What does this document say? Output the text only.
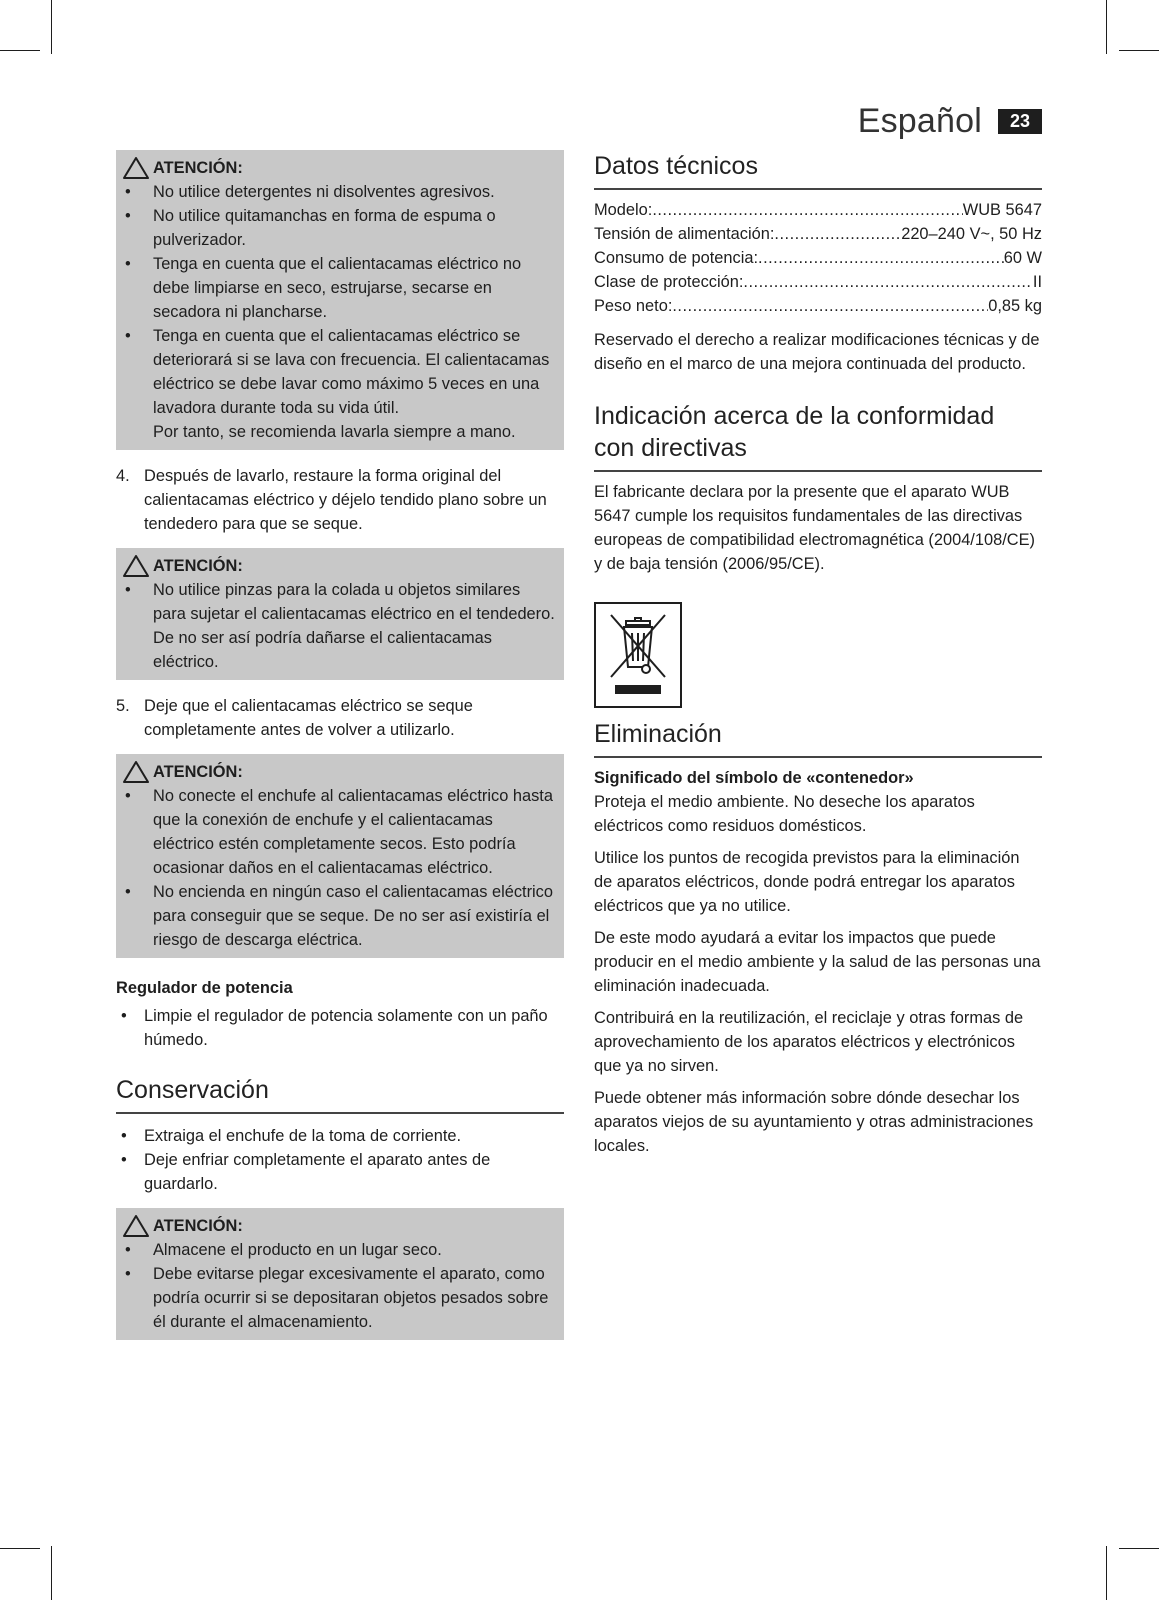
Español	23
ATENCIÓN:
• No utilice detergentes ni disolventes agresivos.
• No utilice quitamanchas en forma de espuma o pulverizador.
• Tenga en cuenta que el calientacamas eléctrico no debe limpiarse en seco, estrujarse, secarse en secadora ni plancharse.
• Tenga en cuenta que el calientacamas eléctrico se deteriorará si se lava con frecuencia. El calientacamas eléctrico se debe lavar como máximo 5 veces en una lavadora durante toda su vida útil.
Por tanto, se recomienda lavarla siempre a mano.
4. Después de lavarlo, restaure la forma original del calientacamas eléctrico y déjelo tendido plano sobre un tendedero para que se seque.
ATENCIÓN:
• No utilice pinzas para la colada u objetos similares para sujetar el calientacamas eléctrico en el tendedero. De no ser así podría dañarse el calientacamas eléctrico.
5. Deje que el calientacamas eléctrico se seque completamente antes de volver a utilizarlo.
ATENCIÓN:
• No conecte el enchufe al calientacamas eléctrico hasta que la conexión de enchufe y el calientacamas eléctrico estén completamente secos. Esto podría ocasionar daños en el calientacamas eléctrico.
• No encienda en ningún caso el calientacamas eléctrico para conseguir que se seque. De no ser así existiría el riesgo de descarga eléctrica.

Regulador de potencia

• Limpie el regulador de potencia solamente con un paño húmedo.
Conservación
• Extraiga el enchufe de la toma de corriente.
• Deje enfriar completamente el aparato antes de guardarlo.
ATENCIÓN:
• Almacene el producto en un lugar seco.
• Debe evitarse plegar excesivamente el aparato, como podría ocurrir si se depositaran objetos pesados sobre él durante el almacenamiento.
Datos técnicos
Modelo: .....	WUB 5647
Tensión de alimentación: .....	220–240 V~, 50 Hz
Consumo de potencia: .....	60 W
Clase de protección: .....	II
Peso neto: .....	0,85 kg

Reservado el derecho a realizar modificaciones técnicas y de diseño en el marco de una mejora continuada del producto.

Indicación acerca de la conformidad
con directivas

El fabricante declara por la presente que el aparato WUB 5647 cumple los requisitos fundamentales de las directivas europeas de compatibilidad electromagnética (2004/108/CE) y de baja tensión (2006/95/CE).

Eliminación

Significado del símbolo de «contenedor»

Proteja el medio ambiente. No deseche los aparatos eléctricos como residuos domésticos.

Utilice los puntos de recogida previstos para la eliminación de aparatos eléctricos, donde podrá entregar los aparatos eléctricos que ya no utilice.

De este modo ayudará a evitar los impactos que puede producir en el medio ambiente y la salud de las personas una eliminación inadecuada.

Contribuirá en la reutilización, el reciclaje y otras formas de aprovechamiento de los aparatos eléctricos y electrónicos que ya no sirven.

Puede obtener más información sobre dónde desechar los aparatos viejos de su ayuntamiento y otras administraciones locales.
